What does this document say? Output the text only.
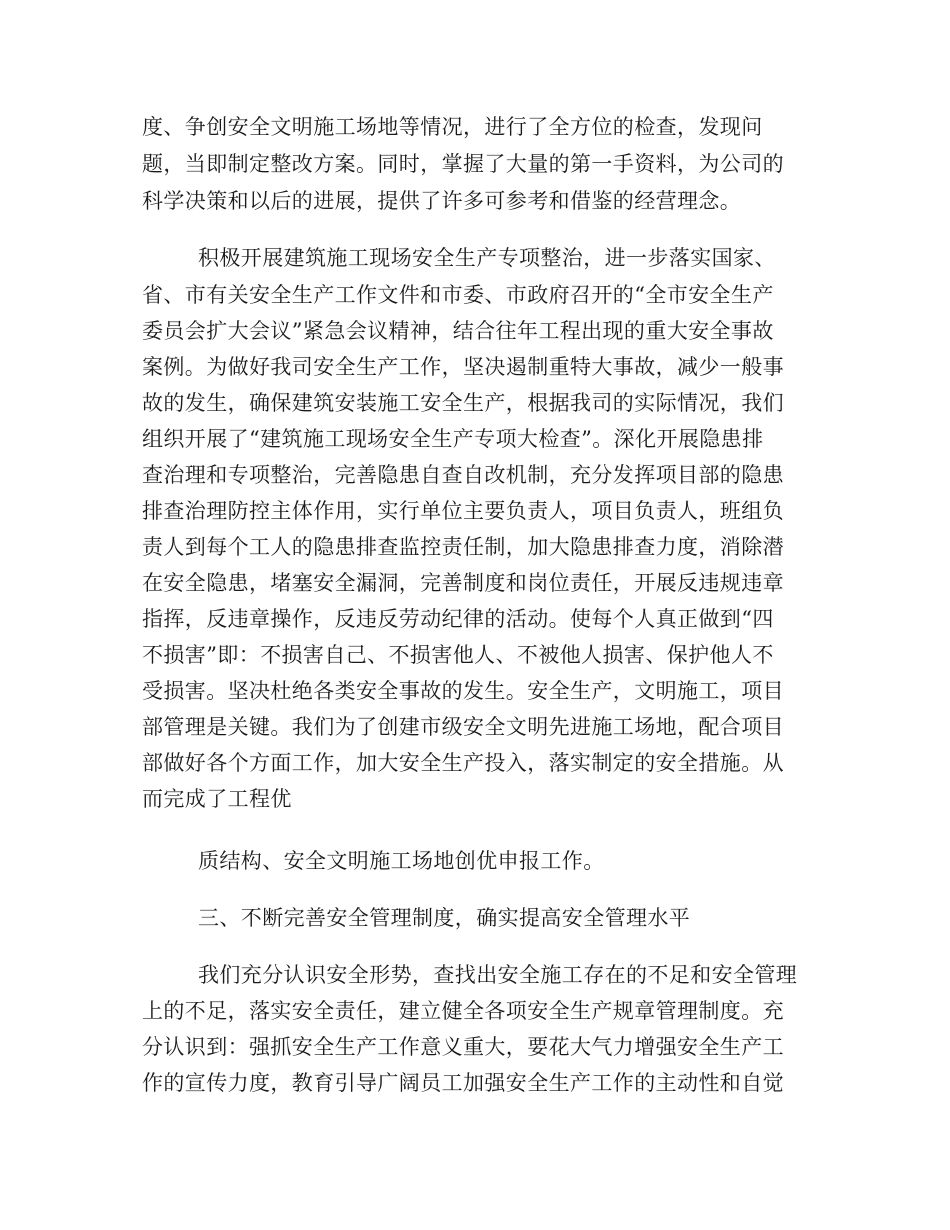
度、争创安全文明施工场地等情况，进行了全方位的检查，发现问
题，当即制定整改方案。同时，掌握了大量的第一手资料，为公司的
科学决策和以后的进展，提供了许多可参考和借鉴的经营理念。
积极开展建筑施工现场安全生产专项整治，进一步落实国家、
省、市有关安全生产工作文件和市委、市政府召开的“全市安全生产
委员会扩大会议”紧急会议精神，结合往年工程出现的重大安全事故
案例。为做好我司安全生产工作，坚决遏制重特大事故，减少一般事
故的发生，确保建筑安装施工安全生产，根据我司的实际情况，我们
组织开展了“建筑施工现场安全生产专项大检查”。深化开展隐患排
查治理和专项整治，完善隐患自查自改机制，充分发挥项目部的隐患
排查治理防控主体作用，实行单位主要负责人，项目负责人，班组负
责人到每个工人的隐患排查监控责任制，加大隐患排查力度，消除潜
在安全隐患，堵塞安全漏洞，完善制度和岗位责任，开展反违规违章
指挥，反违章操作，反违反劳动纪律的活动。使每个人真正做到“四
不损害”即：不损害自己、不损害他人、不被他人损害、保护他人不
受损害。坚决杜绝各类安全事故的发生。安全生产，文明施工，项目
部管理是关键。我们为了创建市级安全文明先进施工场地，配合项目
部做好各个方面工作，加大安全生产投入，落实制定的安全措施。从
而完成了工程优
质结构、安全文明施工场地创优申报工作。
三、不断完善安全管理制度，确实提高安全管理水平
我们充分认识安全形势，查找出安全施工存在的不足和安全管理
上的不足，落实安全责任，建立健全各项安全生产规章管理制度。充
分认识到：强抓安全生产工作意义重大，要花大气力增强安全生产工
作的宣传力度，教育引导广阔员工加强安全生产工作的主动性和自觉
